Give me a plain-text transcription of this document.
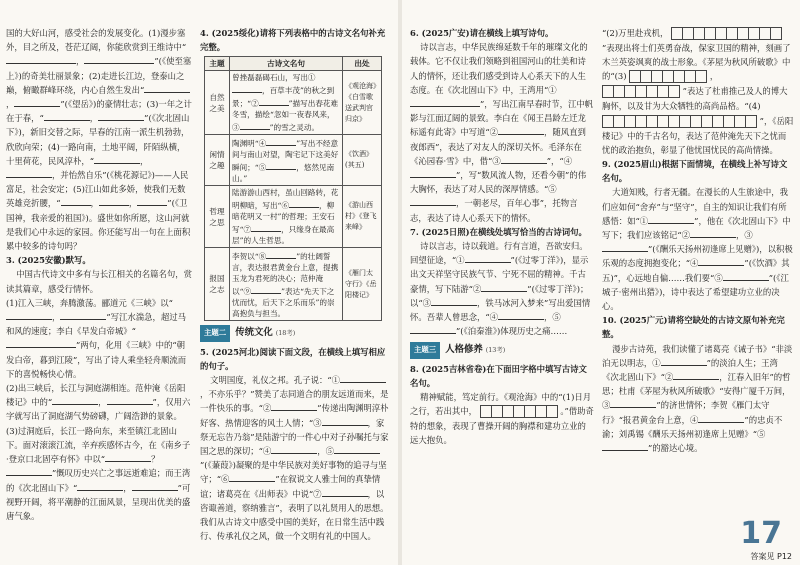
国的大好山河，感受社会的发展变化。(1)漫步塞外，目之所及，苍茫辽阔，你能欣赏到王维诗中“，	”(《使至塞上》)的奇美壮丽景象；(2)走进长江边，登泰山之巅，俯瞰群峰环绕，内心自然生发出“，	”(《望岳》)的豪情壮志；(3)一年之计在于春，“	，	”(《次北固山下》)，新旧交替之际，早春的江南一派生机勃勃，欣欣向荣；(4)一路向南，土地平阔，阡陌纵横，十里荷花，民风淳朴，“	，，并怡然自乐”(《桃花源记》)——人民富足，社会安定；(5)江山如此多娇，使我们无数英雄竞折腰，“	，	，	”(《卫国神，我亲爱的祖国》)。盛世如你所愿，这山河就是我们心中永远的家园。你还能写出一句在上面积累中较多的诗句吗？

3. (2025安徽)默写。

中国古代诗文中多有与长江相关的名篇名句，赏读其篇章，感受行情怀。

(1)江入三峡，奔腾激荡。郦道元《三峡》以“，	”写江水湍急，超过马和风的速度；李白《早发白帝城》“”两句，化用《三峡》中的“朝发白帝，暮到江陵”，写出了诗人乘坐轻舟顺流而下的喜悦畅快心情。

(2)出三峡后，长江与洞庭湖相连。范仲淹《岳阳楼记》中的“	，	”，仅用六字就写出了洞庭湖气势磅礴，广阔浩渺的景象。

(3)过洞庭后，长江一路向东，来至镇江北固山下。面对滚滚江流，辛弃疾感怀古今，在《南乡子·登京口北固亭有怀》中以“	？”慨叹历史兴亡之事远逝难追；而王湾的《次北固山下》“	，	”可视野开阔，将平潮静的江面风景，呈现出优美的盛唐气象。

4. (2025绥化)请将下列表格中的古诗文名句补充完整。

主题	古诗文名句	出处
自然之美	曾挫磊磊碣石山，写出①，百草丰茂”的秋之到景；“② ”描写出春花难冬雪，描绘“忽如一夜春风来，③ ”的雪之灵动。	《观沧海》《白雪歌送武判官归京》
闲情之趣	陶渊明“④ ”写出不经意间与南山对望，陶宅记下这美好瞬间；“⑤ ，悠然见南山。”	《饮酒》(其五)
哲理之思	陆游游山西村，虽山回路转，花明柳暗，写出“⑥ ，柳暗花明又一村”的哲理；王安石写“⑦ ，只缘身在最高层”的人生哲思。	《游山西村》《登飞来峰》
报国之志	李贺以“⑧ ”的壮阔誓言，表达报君黄金台上意，提携玉龙为君死的决心；范仲淹以“⑨ ”表达“先天下之忧而忧，后天下之乐而乐”的崇高抱负与担当。	《雁门太守行》《岳阳楼记》
主题二 传统文化 (18考)

5. (2025河北)阅读下面文段，在横线上填写相应的句子。

文明国度，礼仪之邦。孔子说：“①，不亦乐乎？”赞美了志同道合的朋友远道而来，是一件快乐的事。“②	”传递出陶渊明淳朴好客、热情迎客的风土人情；“③	，家祭无忘告乃翁”是陆游宁的一件心中对子孙嘱托与家国之思的深切；“④	，⑤”(《蒹葭》)凝聚的是中华民族对美好事物的追寻与坚守；“⑥	”在叙说文人雅士间的真挚情谊；诸葛亮在《出师表》中说“⑦	，以咨诹善道，察纳雅言”，表明了以礼贤用人的思想。我们从古诗文中感受中国的美好，在日常生活中践行、传承礼仪之风，做一个文明有礼的中国人。

6. (2025广安)请在横线上填写诗句。

诗以言志，中华民族绵延数千年的璀璨文化的载体。它不仅让我们领略到祖国河山的壮美和诗人的情怀，还让我们感受到诗人心系天下的人生态度。在《次北固山下》中，王湾用“①”，写出江南早春时节，江中帆影与江面辽阔的景致。李白在《闻王昌龄左迁龙标遥有此寄》中写道“②	，随风直到夜郎西”，表达了对友人的深切关怀。毛泽东在《沁园春·雪》中，借“③	”，“④”，写“数风流人物，还看今朝”的伟大胸怀，表达了对人民的深厚情感。“⑤，一朝老尽，百年心事”，托物言志，表达了诗人心系天下的情怀。

7. (2025日照)在横线处填写恰当的古诗词句。

诗以言志，诗以载道。行有言道，吾欲安归。回望征途，“①	”(《过零丁洋》)，显示出文天祥坚守民族气节、宁死不屈的精神。千古豪情，写下陆游“②	”(《过零丁洋》)；以“③	，铁马冰河入梦来”写出爱国情怀。吾辈人曾思念，“④	，⑤”(《泊秦淮》)体现历史之痛……

主题三 人格修养 (13考)

8. (2025吉林省卷)在下面田字格中填写古诗文名句。

精神赋能，笃定前行。《观沧海》中的“(1)日月之行，若出其中，	。”借助奇特的想象，表现了曹操开阔的胸襟和建功立业的远大抱负。

“(2)万里赴戎机，
”表现出将士们英勇奋战，保家卫国的精神，刻画了木兰英姿飒爽的战士形象。《茅屋为秋风所破歌》中的“(3)	，
”表达了杜甫推己及人的博大胸怀，以及甘为大众牺牲的高尚品格。“(4)
”，《岳阳楼记》中的千古名句，表达了范仲淹先天下之忧而忧的政治抱负，彰显了他忧国忧民的高尚情操。

9. (2025眉山)根据下面情境，在横线上补写诗文名句。

大道知贱，行者无疆。在漫长的人生旅途中，我们应如何“舍弃”与“坚守”，自主的知识让我们有所感悟：如“①	”，他在《次北固山下》中写下；我们应该铭记“②	，③”(《酬乐天扬州初逢席上见赠》)，以积极乐观的态度拥抱变化；“④	”(《饮酒》其五)”，心远地自偏……我们要“⑤	”(《江城子·密州出猎》)，诗中表达了希望建功立业的决心。

10. (2025广元)请将空缺处的古诗文原句补充完整。

漫步古诗苑，我们读懂了诸葛亮《诫子书》“非淡泊无以明志，①	”的淡泊人生；王湾《次北固山下》“②	，江春入旧年”的哲思；杜甫《茅屋为秋风所破歌》“安得广厦千万间，③	”的济世情怀；李贺《雁门太守行》“报君黄金台上意，④	”的忠贞不渝；刘禹锡《酬乐天扬州初逢席上见赠》“⑤”的豁达心境。

17
答案见 P12
